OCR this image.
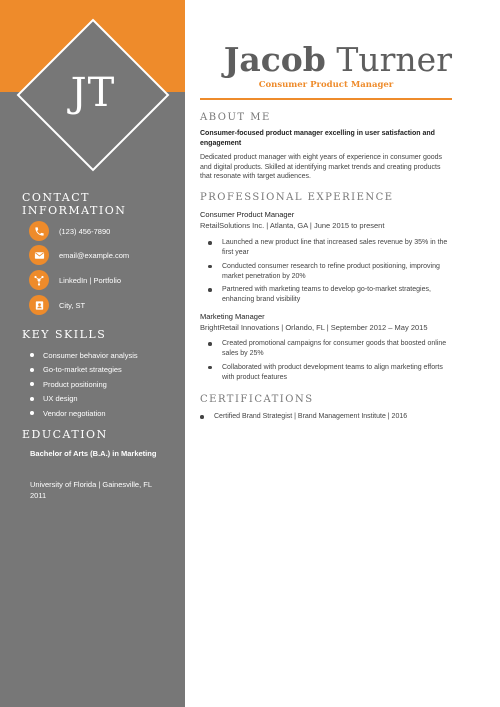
JT
CONTACT
INFORMATION
(123) 456-7890
email@example.com
LinkedIn | Portfolio
City, ST
KEY SKILLS
Consumer behavior analysis
Go-to-market strategies
Product positioning
UX design
Vendor negotiation
EDUCATION
Bachelor of Arts (B.A.) in Marketing
University of Florida | Gainesville, FL 2011
Jacob Turner
Consumer Product Manager
ABOUT ME
Consumer-focused product manager excelling in user satisfaction and engagement
Dedicated product manager with eight years of experience in consumer goods and digital products. Skilled at identifying market trends and creating products that resonate with target audiences.
PROFESSIONAL EXPERIENCE
Consumer Product Manager
RetailSolutions Inc. | Atlanta, GA | June 2015 to present
Launched a new product line that increased sales revenue by 35% in the first year
Conducted consumer research to refine product positioning, improving market penetration by 20%
Partnered with marketing teams to develop go-to-market strategies, enhancing brand visibility
Marketing Manager
BrightRetail Innovations | Orlando, FL | September 2012 – May 2015
Created promotional campaigns for consumer goods that boosted online sales by 25%
Collaborated with product development teams to align marketing efforts with product features
CERTIFICATIONS
Certified Brand Strategist | Brand Management Institute | 2016
